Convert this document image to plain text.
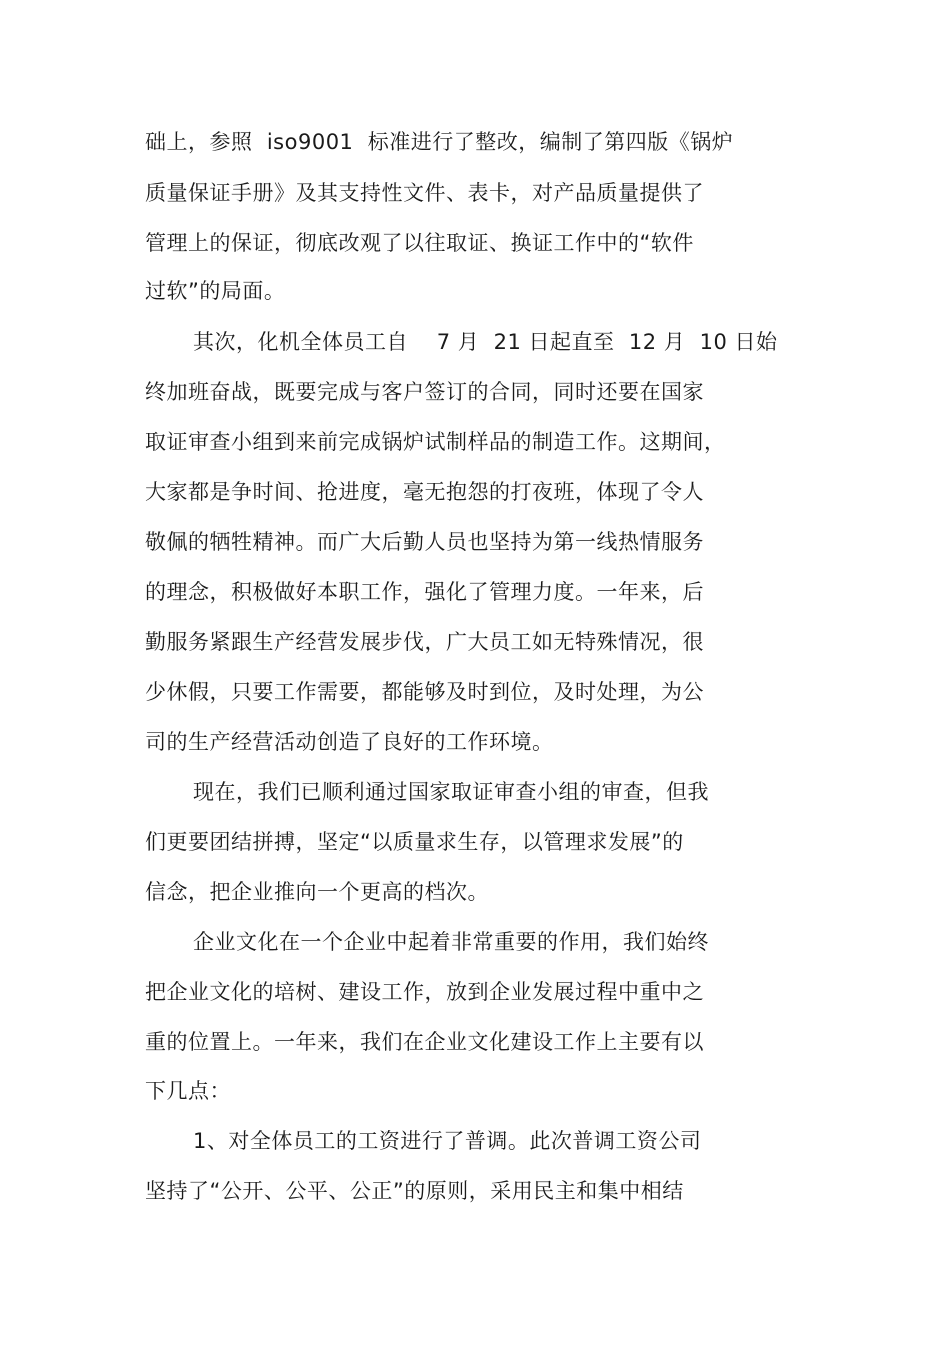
础上，参照  iso9001  标准进行了整改，编制了第四版《锅炉
质量保证手册》及其支持性文件、表卡，对产品质量提供了
管理上的保证，彻底改观了以往取证、换证工作中的“软件
过软”的局面。
其次，化机全体员工自    7 月  21 日起直至  12 月  10 日始
终加班奋战，既要完成与客户签订的合同，同时还要在国家
取证审查小组到来前完成锅炉试制样品的制造工作。这期间，
大家都是争时间、抢进度，毫无抱怨的打夜班，体现了令人
敬佩的牺牲精神。而广大后勤人员也坚持为第一线热情服务
的理念，积极做好本职工作，强化了管理力度。一年来，后
勤服务紧跟生产经营发展步伐，广大员工如无特殊情况，很
少休假，只要工作需要，都能够及时到位，及时处理，为公
司的生产经营活动创造了良好的工作环境。
现在，我们已顺利通过国家取证审查小组的审查，但我
们更要团结拼搏，坚定“以质量求生存，以管理求发展”的
信念，把企业推向一个更高的档次。
企业文化在一个企业中起着非常重要的作用，我们始终
把企业文化的培树、建设工作，放到企业发展过程中重中之
重的位置上。一年来，我们在企业文化建设工作上主要有以
下几点：
1、对全体员工的工资进行了普调。此次普调工资公司
坚持了“公开、公平、公正”的原则，采用民主和集中相结
